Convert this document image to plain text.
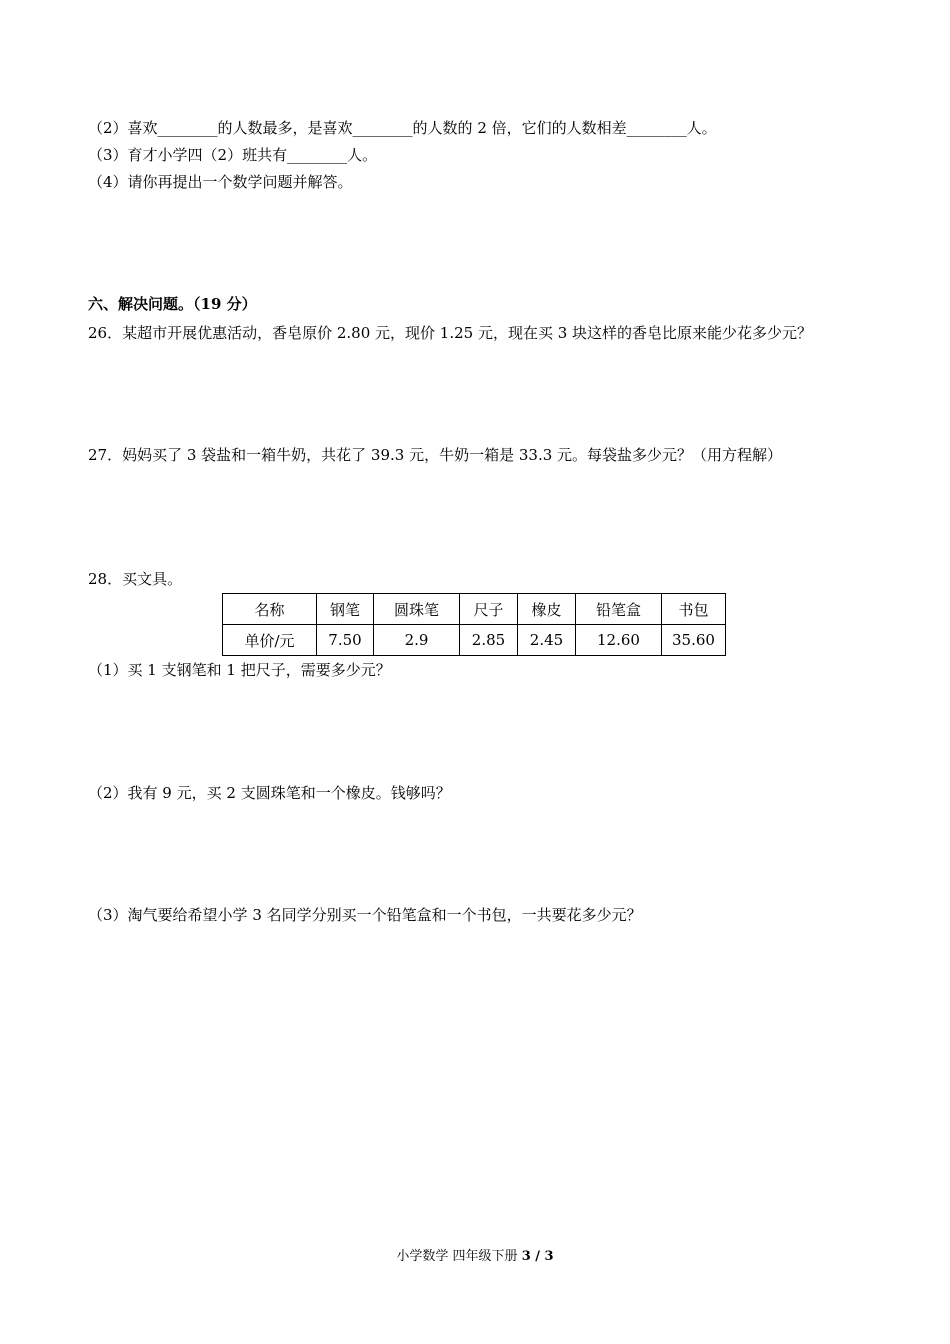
（2）喜欢________的人数最多，是喜欢________的人数的 2 倍，它们的人数相差________人。
（3）育才小学四（2）班共有________人。
（4）请你再提出一个数学问题并解答。
六、解决问题。（19 分）
26．某超市开展优惠活动，香皂原价 2.80 元，现价 1.25 元，现在买 3 块这样的香皂比原来能少花多少元？
27．妈妈买了 3 袋盐和一箱牛奶，共花了 39.3 元，牛奶一箱是 33.3 元。每袋盐多少元？（用方程解）
28．买文具。
名称	钢笔	圆珠笔	尺子	橡皮	铅笔盒	书包
单价/元	7.50	2.9	2.85	2.45	12.60	35.60
（1）买 1 支钢笔和 1 把尺子，需要多少元？
（2）我有 9 元，买 2 支圆珠笔和一个橡皮。钱够吗？
（3）淘气要给希望小学 3 名同学分别买一个铅笔盒和一个书包，一共要花多少元？
小学数学 四年级下册 3 / 3
